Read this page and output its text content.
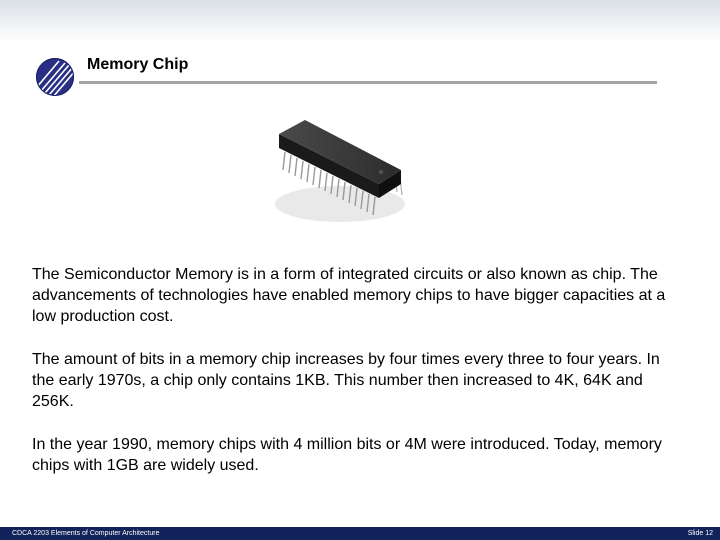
Memory Chip

The Semiconductor Memory is in a form of integrated circuits or also known as chip. The advancements of technologies have enabled memory chips to have bigger capacities at a low production cost.

The amount of bits in a memory chip increases by four times every three to four years. In the early 1970s, a chip only contains 1KB. This number then increased to 4K, 64K and 256K.

In the year 1990, memory chips with 4 million bits or 4M were introduced. Today, memory chips with 1GB are widely used.

CDCA 2203 Elements of Computer Architecture	Slide 12
